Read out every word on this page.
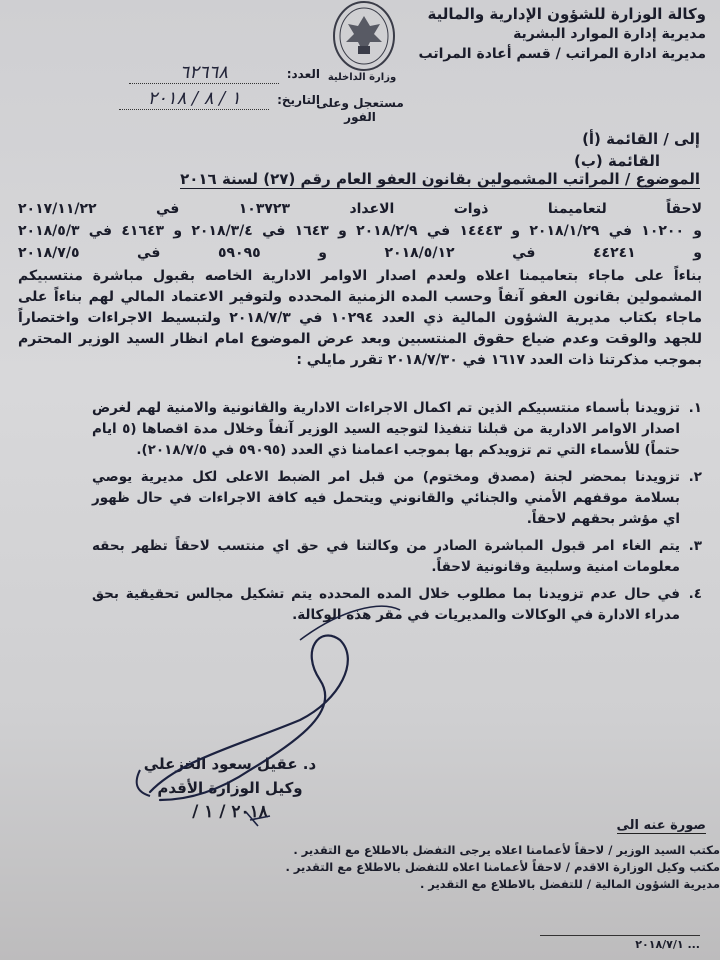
وزارة الداخلية
وكالة الوزارة للشؤون الإدارية والمالية
مديرية إدارة الموارد البشرية
مديرية ادارة المراتب / قسم أعادة المراتب
العدد:
٦٢٦٦٨
التاريخ:
١ / ٨ / ٢٠١٨	مستعجل وعلى الفور
إلى / القائمة (أ)
القائمة (ب)
الموضوع / المراتب المشمولين بقانون العفو العام رقم (٢٧) لسنة ٢٠١٦
لاحقاً لتعاميمنا ذوات الاعداد ١٠٣٧٢٣ في ٢٠١٧/١١/٢٢
و ١٠٢٠٠ في ٢٠١٨/١/٢٩ و ١٤٤٤٣ في ٢٠١٨/٢/٩ و ١٦٤٣ في ٢٠١٨/٣/٤ و ٤١٦٤٣ في ٢٠١٨/٥/٣
و ٤٤٢٤١ في ٢٠١٨/٥/١٢ و ٥٩٠٩٥ في ٢٠١٨/٧/٥
بناءاً على ماجاء بتعاميمنا اعلاه ولعدم اصدار الاوامر الادارية الخاصه بقبول مباشرة منتسبيكم المشمولين بقانون العفو آنفاً وحسب المده الزمنية المحدده ولتوفير الاعتماد المالي لهم بناءاً على ماجاء بكتاب مديرية الشؤون المالية ذي العدد ١٠٢٩٤ في ٢٠١٨/٧/٣ ولتبسيط الاجراءات واختصاراً للجهد والوقت وعدم ضياع حقوق المنتسبين وبعد عرض الموضوع امام انظار السيد الوزير المحترم بموجب مذكرتنا ذات العدد ١٦١٧ في ٢٠١٨/٧/٣٠ تقرر مايلي :
١.
تزويدنا بأسماء منتسبيكم الذين تم اكمال الاجراءات الادارية والقانونية والامنية لهم لغرض اصدار الاوامر الادارية من قبلنا تنفيذا لتوجيه السيد الوزير آنفاً وخلال مدة اقصاها (٥ ايام حتماً) للأسماء التي تم تزويدكم بها بموجب اعمامنا ذي العدد (٥٩٠٩٥ في ٢٠١٨/٧/٥).
٢.
تزويدنا بمحضر لجنة (مصدق ومختوم) من قبل امر الضبط الاعلى لكل مديرية يوصي بسلامة موقفهم الأمني والجنائي والقانوني ويتحمل فيه كافة الاجراءات في حال ظهور اي مؤشر بحقهم لاحقاً.
٣.
يتم الغاء امر قبول المباشرة الصادر من وكالتنا في حق اي منتسب لاحقاً تظهر بحقه معلومات امنية وسلبية وقانونية لاحقاً.
٤.
في حال عدم تزويدنا بما مطلوب خلال المده المحدده يتم تشكيل مجالس تحقيقية بحق مدراء الادارة في الوكالات والمديريات في مقر هذه الوكالة.
د. عقيل سعود الخزعلي
وكيل الوزارة الأقدم
٢٠١٨ / ١ /
صورة عنه الى
مكتب السيد الوزير / لاحقاً لأعمامنا اعلاه يرجى التفضل بالاطلاع مع التقدير .
مكتب وكيل الوزارة الاقدم / لاحقاً لأعمامنا اعلاه للتفضل بالاطلاع مع التقدير .
مديرية الشؤون المالية / للتفضل بالاطلاع مع التقدير .
... ٢٠١٨/٧/١
